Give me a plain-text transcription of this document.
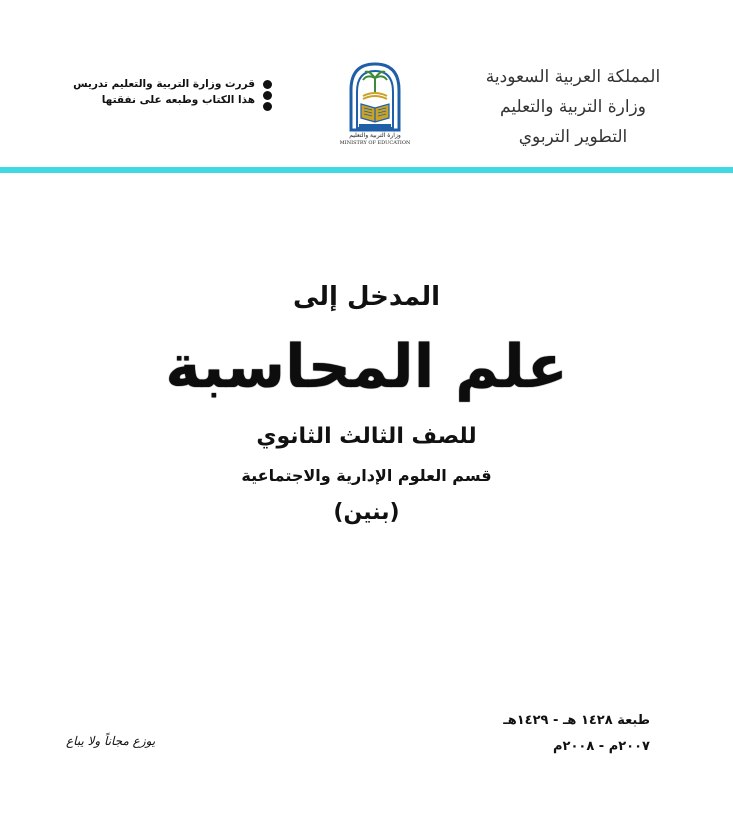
المملكة العربية السعودية
وزارة التربية والتعليم
التطوير التربوي
وزارة التربية والتعليم
MINISTRY OF EDUCATION
قررت وزارة التربية والتعليم تدريس
هذا الكتاب وطبعه على نفقتها
المدخل إلى
علم المحاسبة
للصف الثالث الثانوي
قسم العلوم الإدارية والاجتماعية
(بنين)
طبعة ١٤٢٨ هـ - ١٤٢٩هـ
٢٠٠٧م - ٢٠٠٨م
يوزع مجاناً ولا يباع
